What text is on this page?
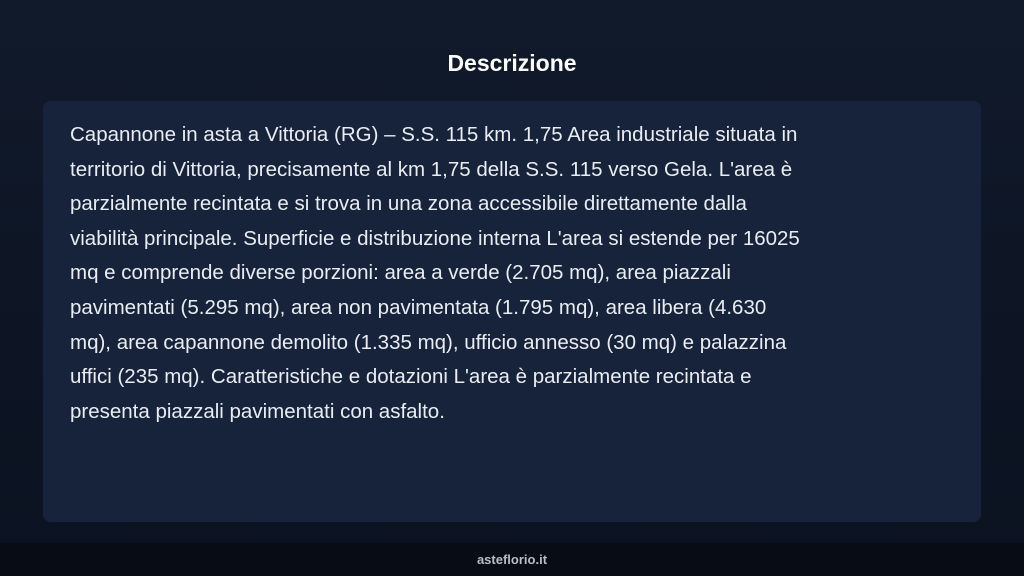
Descrizione
Capannone in asta a Vittoria (RG) – S.S. 115 km. 1,75 Area industriale situata in
territorio di Vittoria, precisamente al km 1,75 della S.S. 115 verso Gela. L'area è
parzialmente recintata e si trova in una zona accessibile direttamente dalla
viabilità principale. Superficie e distribuzione interna L'area si estende per 16025
mq e comprende diverse porzioni: area a verde (2.705 mq), area piazzali
pavimentati (5.295 mq), area non pavimentata (1.795 mq), area libera (4.630
mq), area capannone demolito (1.335 mq), ufficio annesso (30 mq) e palazzina
uffici (235 mq). Caratteristiche e dotazioni L'area è parzialmente recintata e
presenta piazzali pavimentati con asfalto.
asteflorio.it
